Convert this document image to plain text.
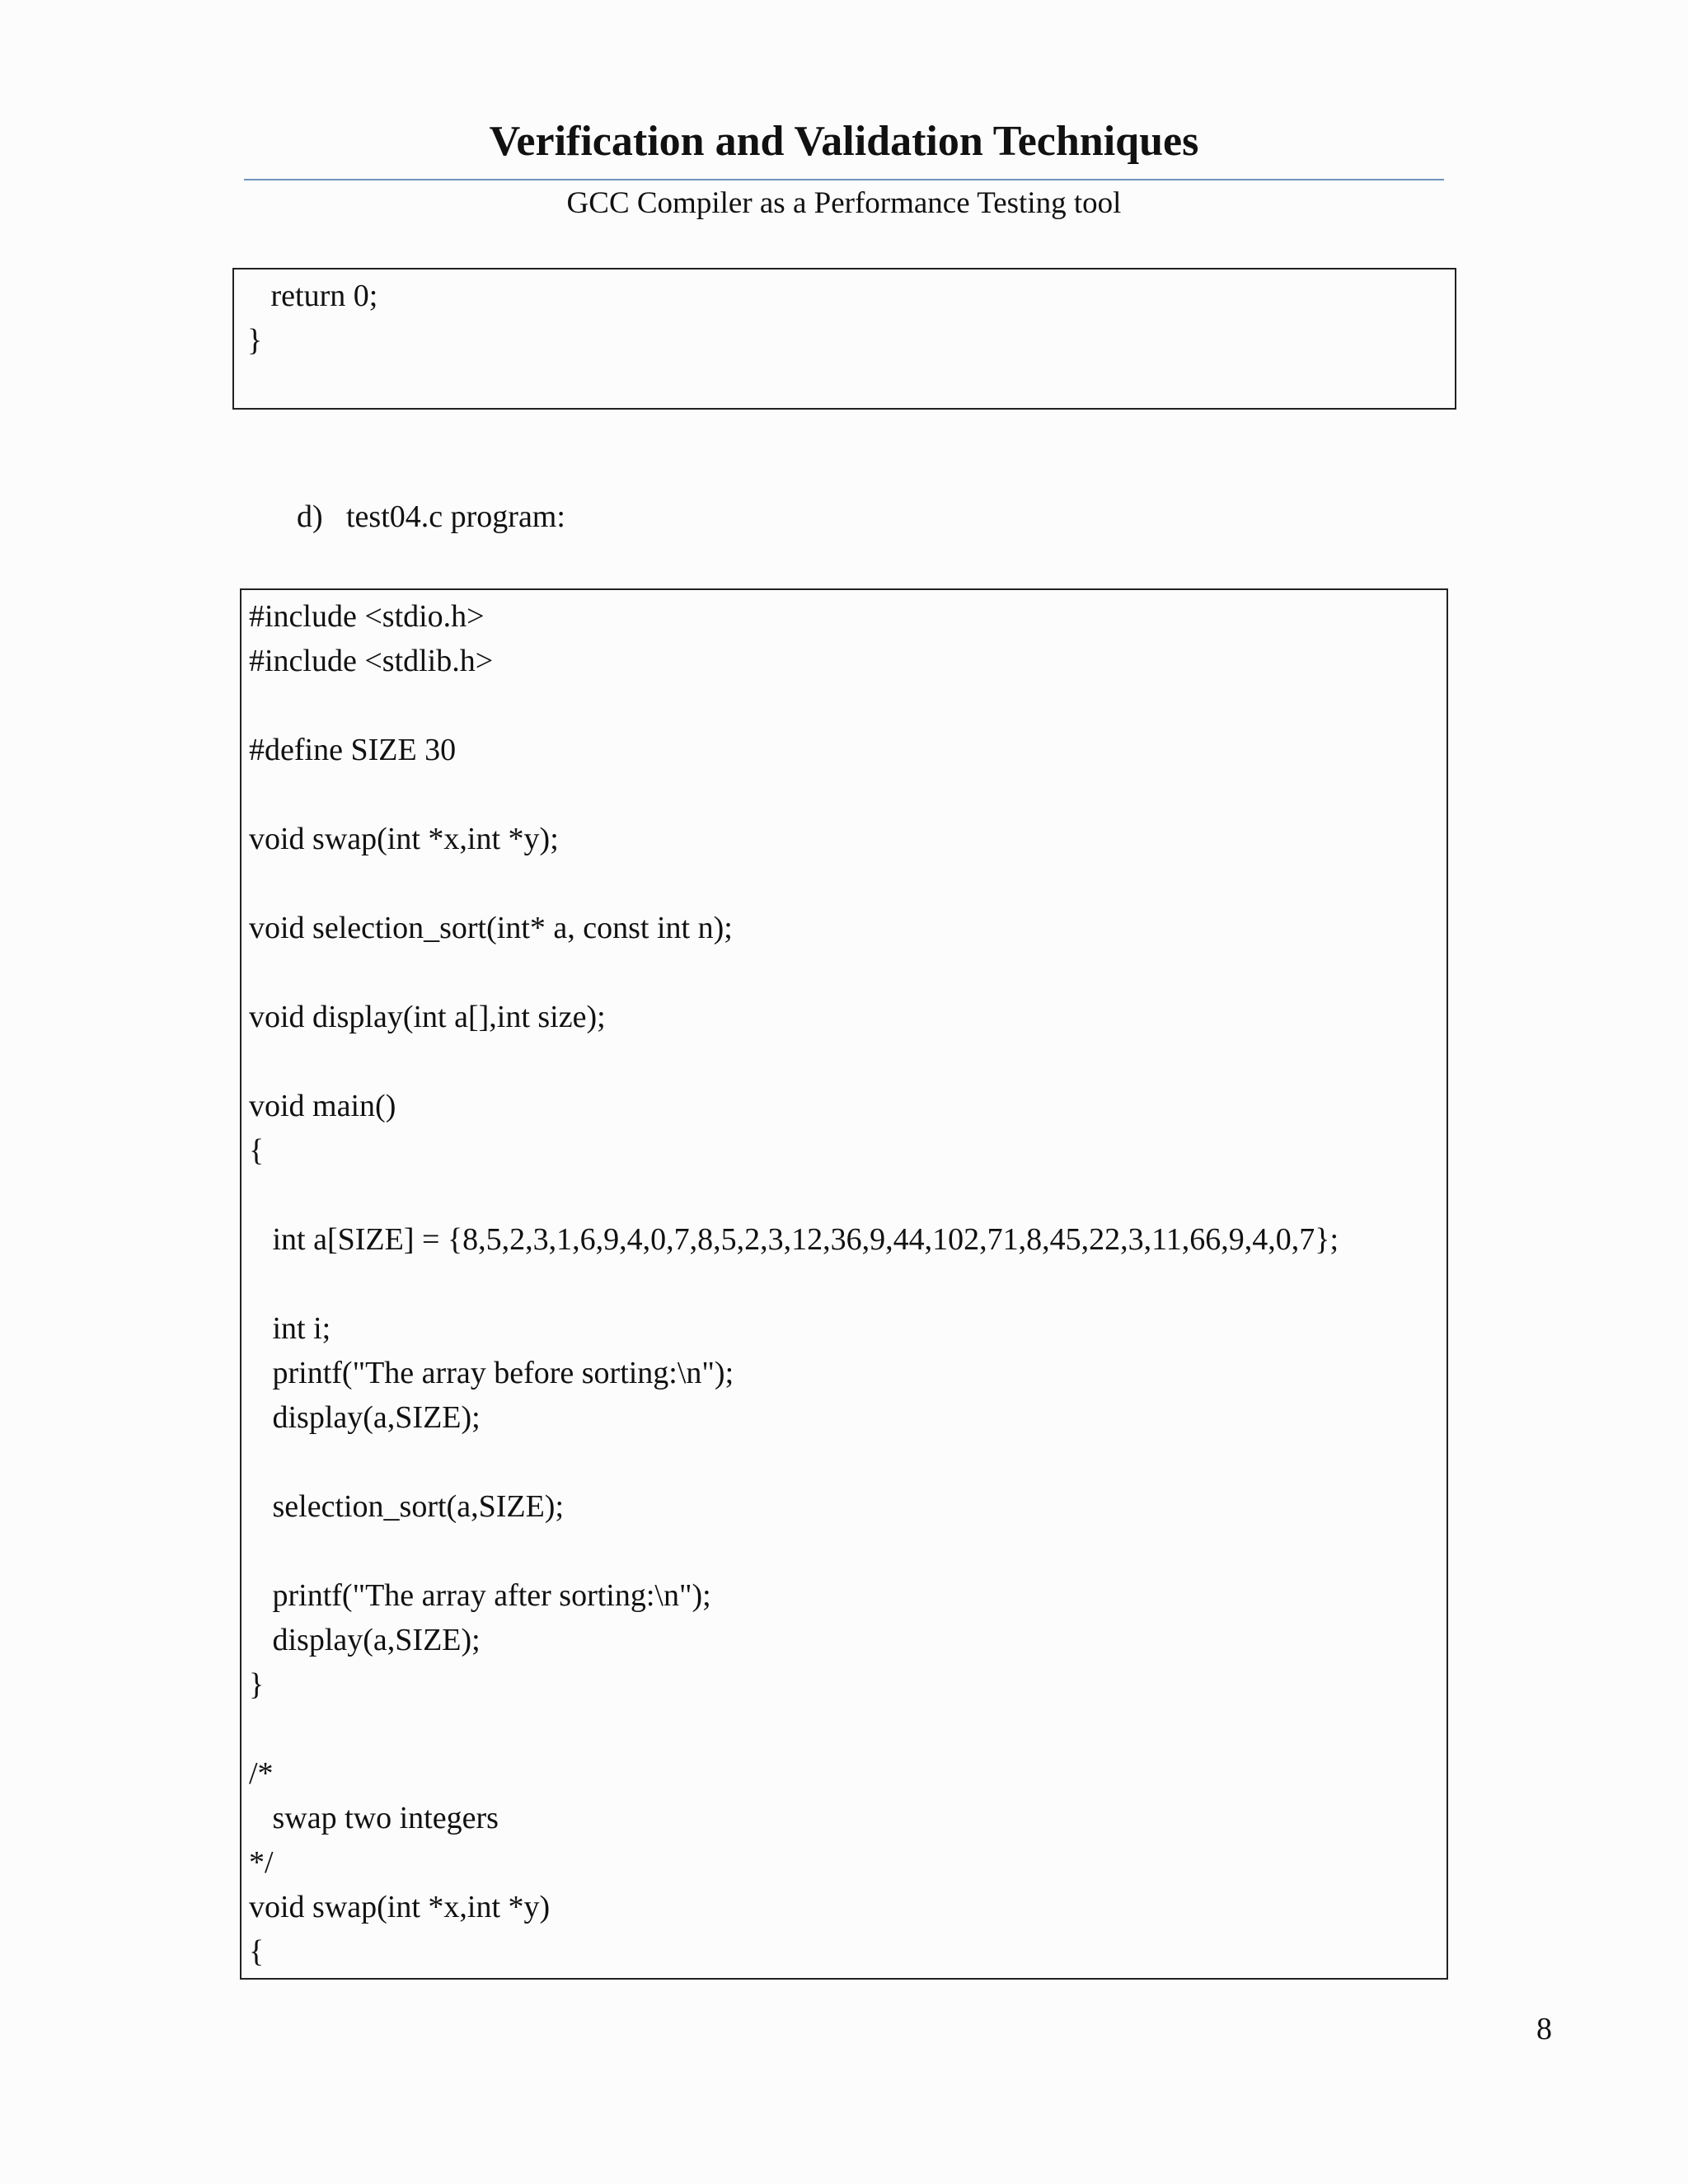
Verification and Validation Techniques
GCC Compiler as a Performance Testing tool
return 0;
}
d) test04.c program:
#include <stdio.h>
#include <stdlib.h>

#define SIZE 30

void swap(int *x,int *y);

void selection_sort(int* a, const int n);

void display(int a[],int size);

void main()
{

int a[SIZE] = {8,5,2,3,1,6,9,4,0,7,8,5,2,3,12,36,9,44,102,71,8,45,22,3,11,66,9,4,0,7};

int i;
printf("The array before sorting:\n");
display(a,SIZE);

selection_sort(a,SIZE);

printf("The array after sorting:\n");
display(a,SIZE);
}

/*
swap two integers
*/
void swap(int *x,int *y)
{
8
